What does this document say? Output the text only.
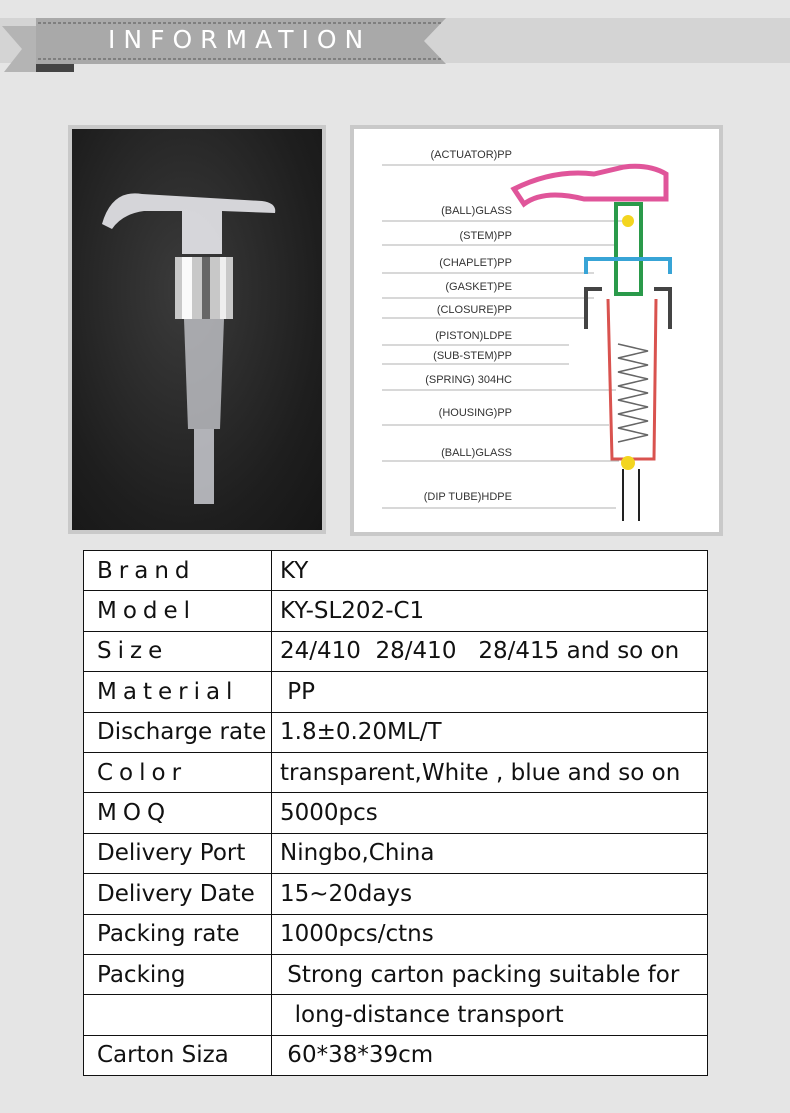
INFORMATION
(ACTUATOR)PP
(BALL)GLASS
(STEM)PP
(CHAPLET)PP
(GASKET)PE
(CLOSURE)PP
(PISTON)LDPE
(SUB-STEM)PP
(SPRING) 304HC
(HOUSING)PP
(BALL)GLASS
(DIP TUBE)HDPE
Brand	KY
Model	KY-SL202-C1
Size	24/410  28/410   28/415 and so on
Material	PP
Discharge rate	1.8±0.20ML/T
Color	transparent,White , blue and so on
MOQ	5000pcs
Delivery Port	Ningbo,China
Delivery Date	15~20days
Packing rate	1000pcs/ctns
Packing	Strong carton packing suitable for
	long-distance transport
Carton Siza	60*38*39cm
